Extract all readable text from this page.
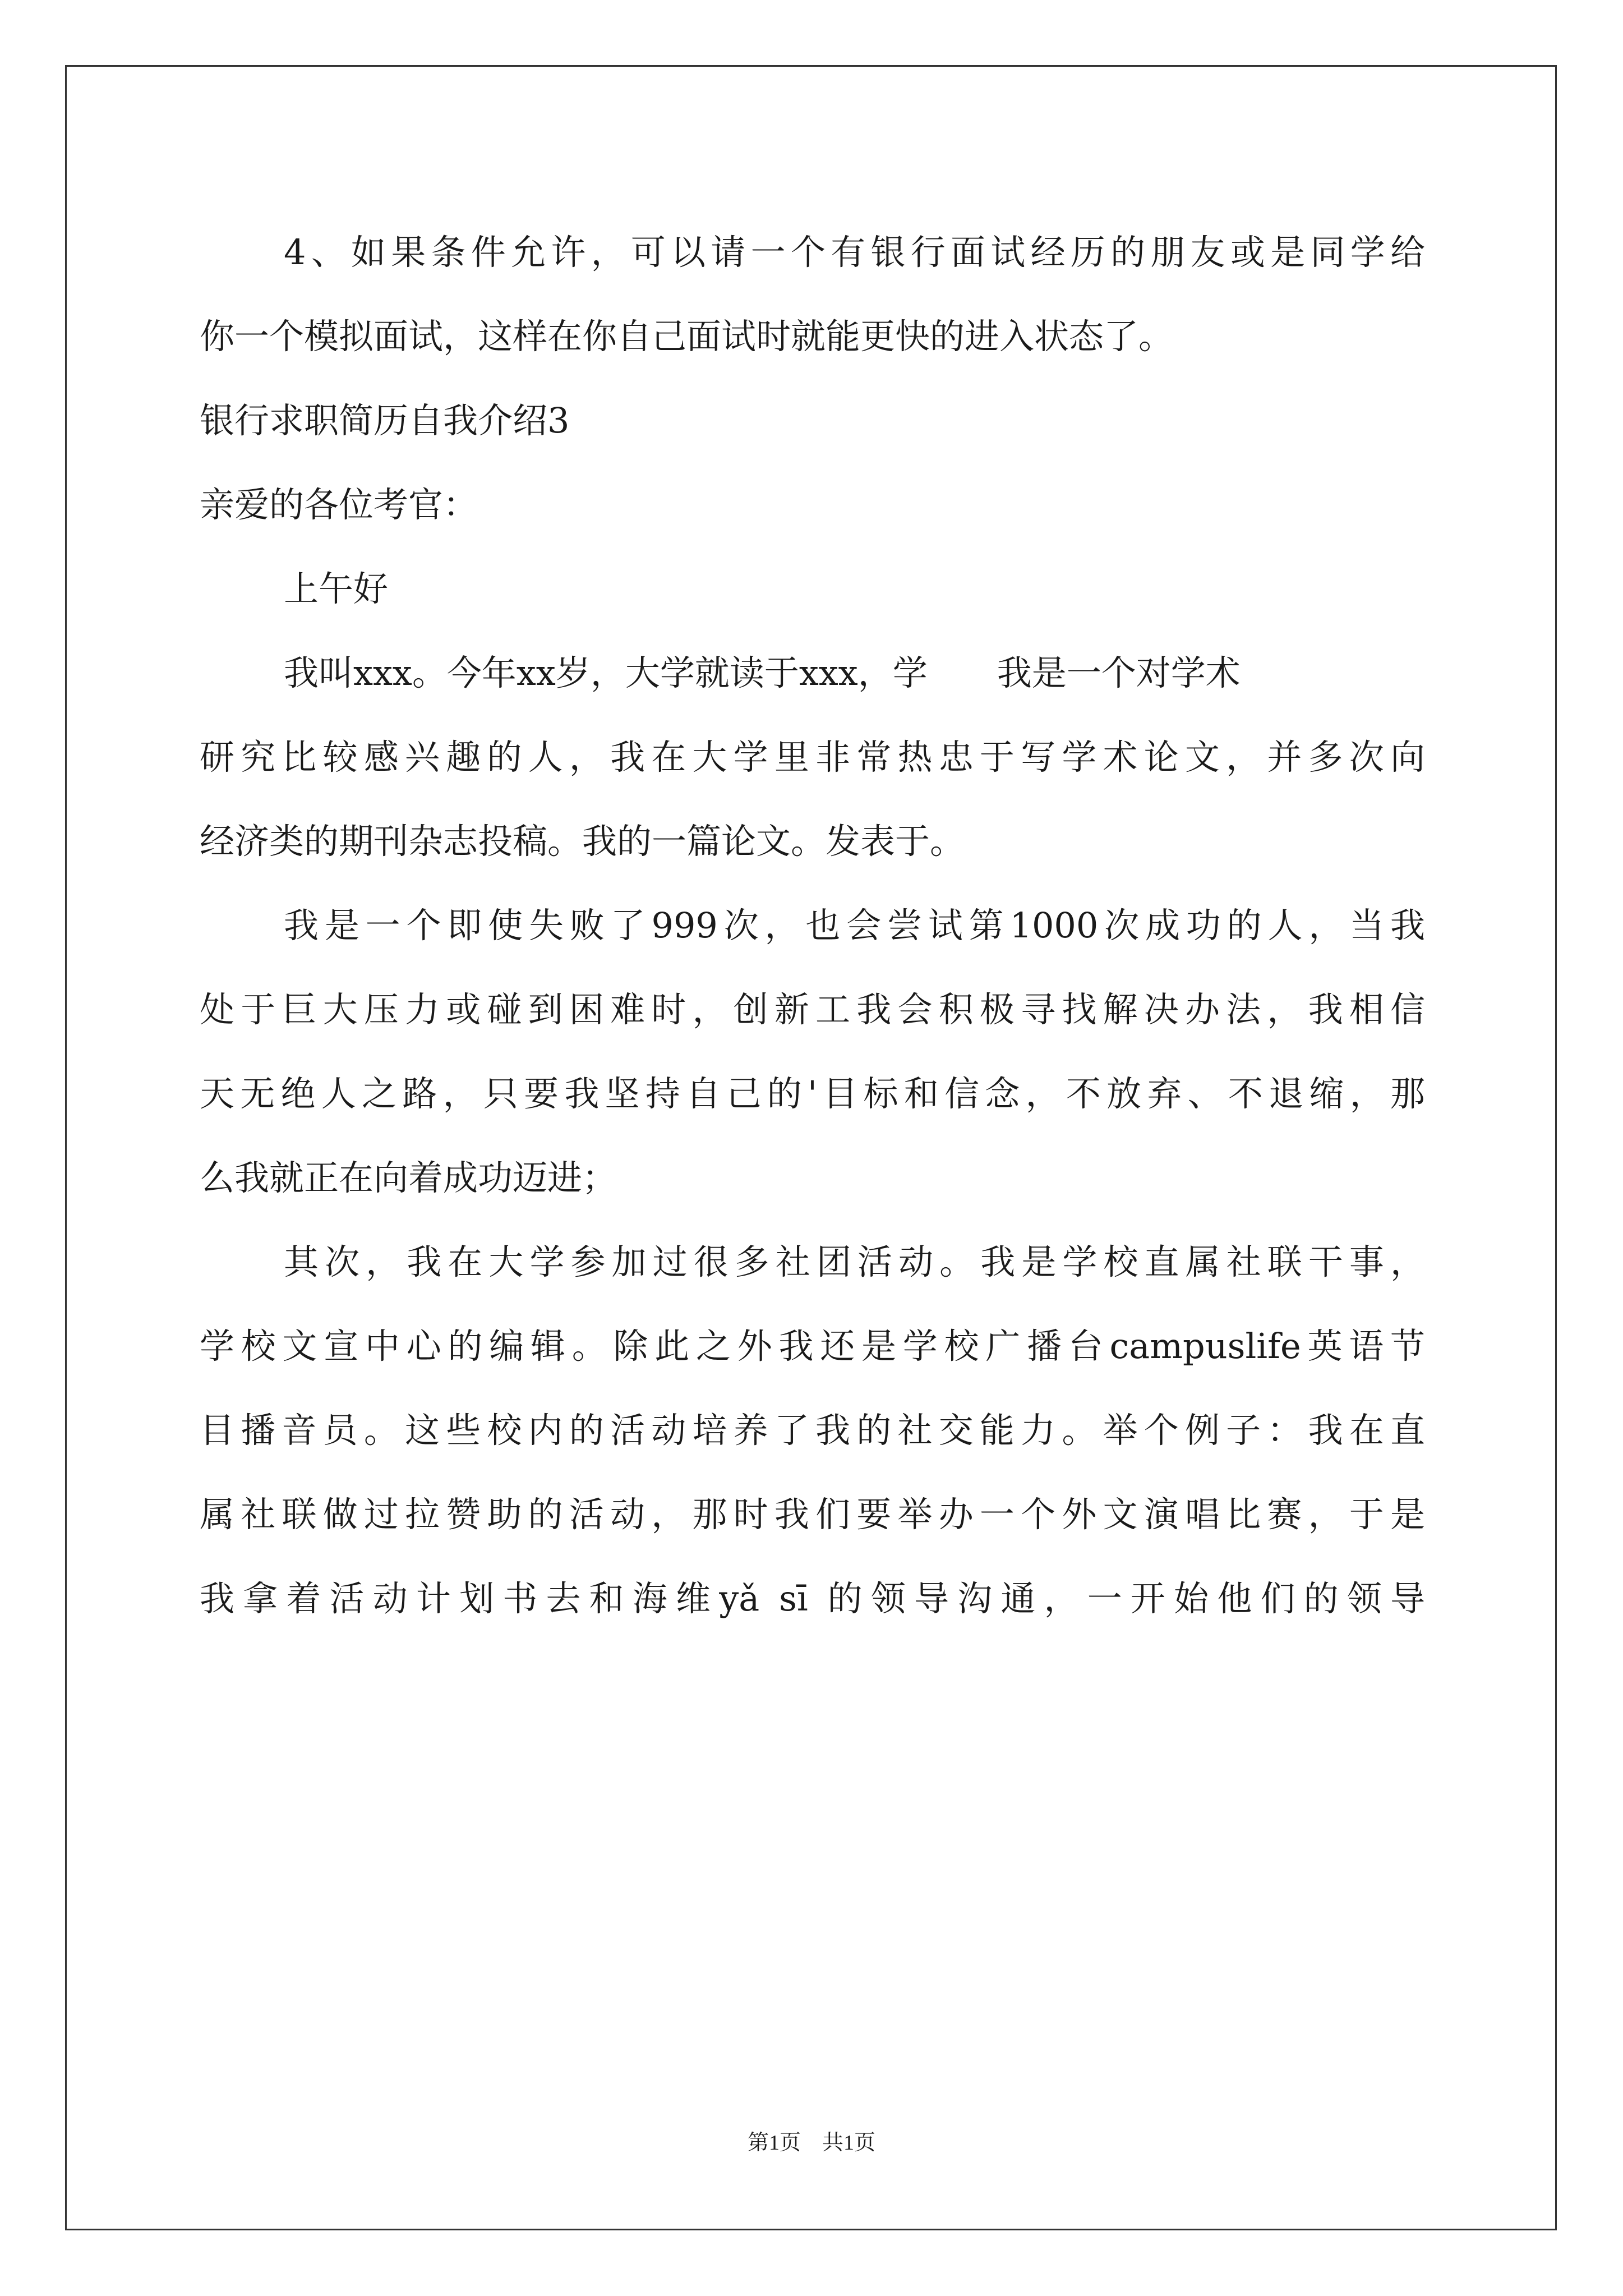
4、如果条件允许，可以请一个有银行面试经历的朋友或是同学给
你一个模拟面试，这样在你自己面试时就能更快的进入状态了。
银行求职简历自我介绍3
亲爱的各位考官：
上午好
我叫xxx。今年xx岁，大学就读于xxx，学　　我是一个对学术
研究比较感兴趣的人，我在大学里非常热忠于写学术论文，并多次向
经济类的期刊杂志投稿。我的一篇论文。发表于。
我是一个即使失败了999次，也会尝试第1000次成功的人，当我
处于巨大压力或碰到困难时，创新工我会积极寻找解决办法，我相信
天无绝人之路，只要我坚持自己的'目标和信念，不放弃、不退缩，那
么我就正在向着成功迈进；
其次，我在大学参加过很多社团活动。我是学校直属社联干事，
学校文宣中心的编辑。除此之外我还是学校广播台campuslife英语节
目播音员。这些校内的活动培养了我的社交能力。举个例子：我在直
属社联做过拉赞助的活动，那时我们要举办一个外文演唱比赛，于是
我拿着活动计划书去和海维yǎ sī 的领导沟通，一开始他们的领导
第1页　共1页
